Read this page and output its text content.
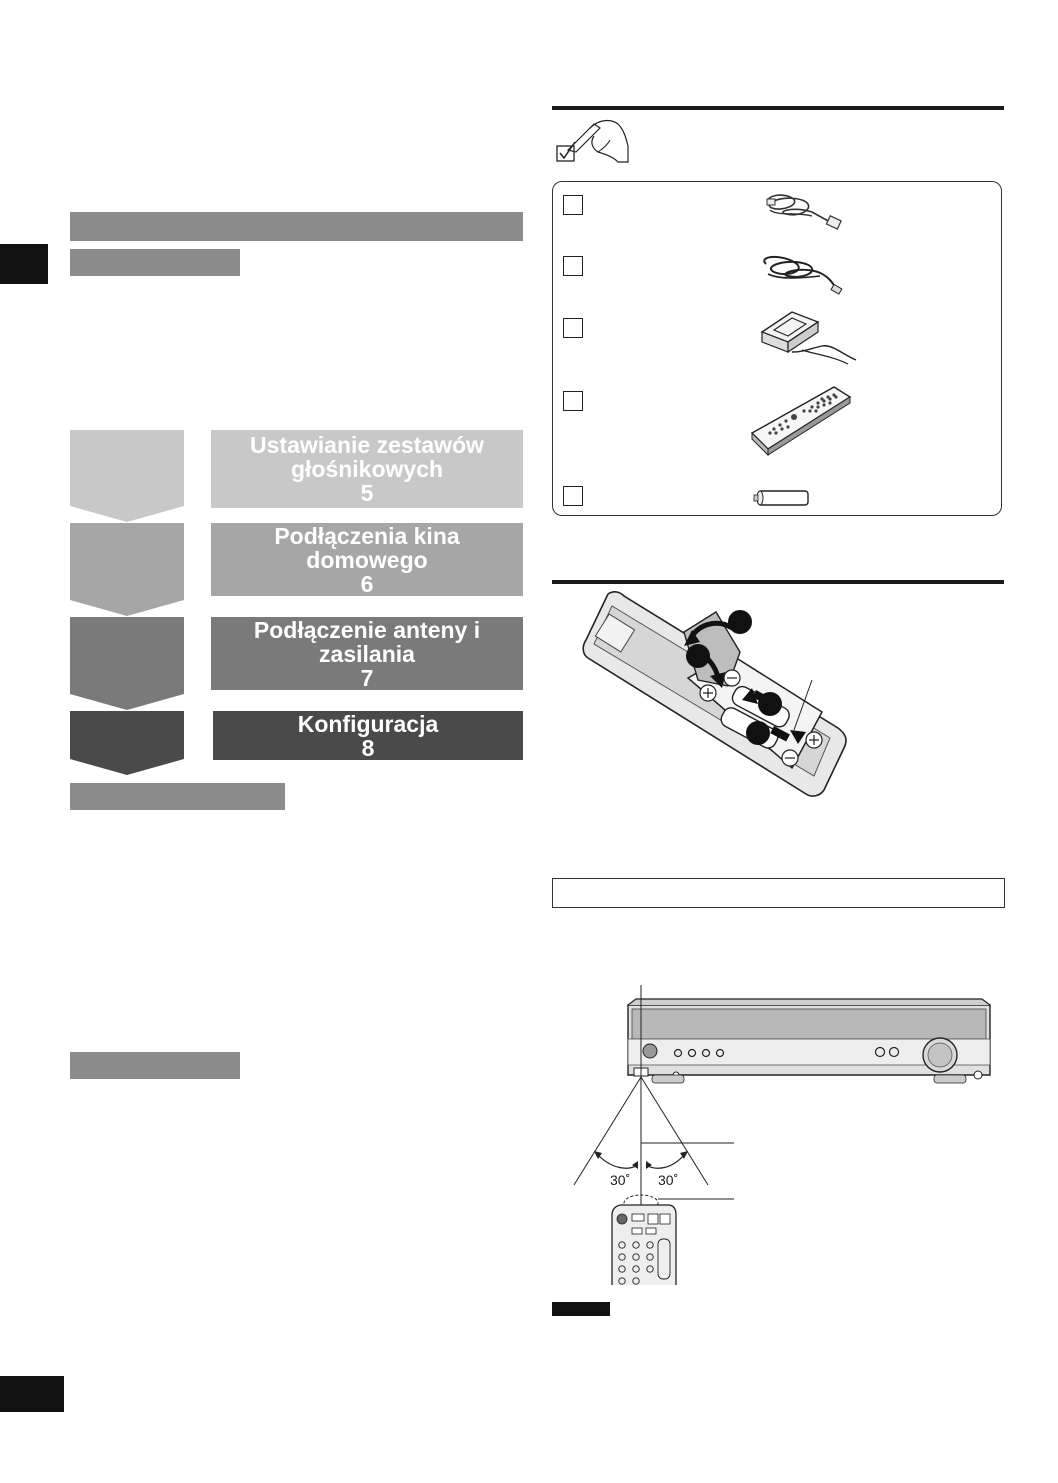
Ustawianie zestawów
głośnikowych
5
Podłączenia kina
domowego
6
Podłączenie anteny i
zasilania
7
Konfiguracja
8
30˚ 30˚
